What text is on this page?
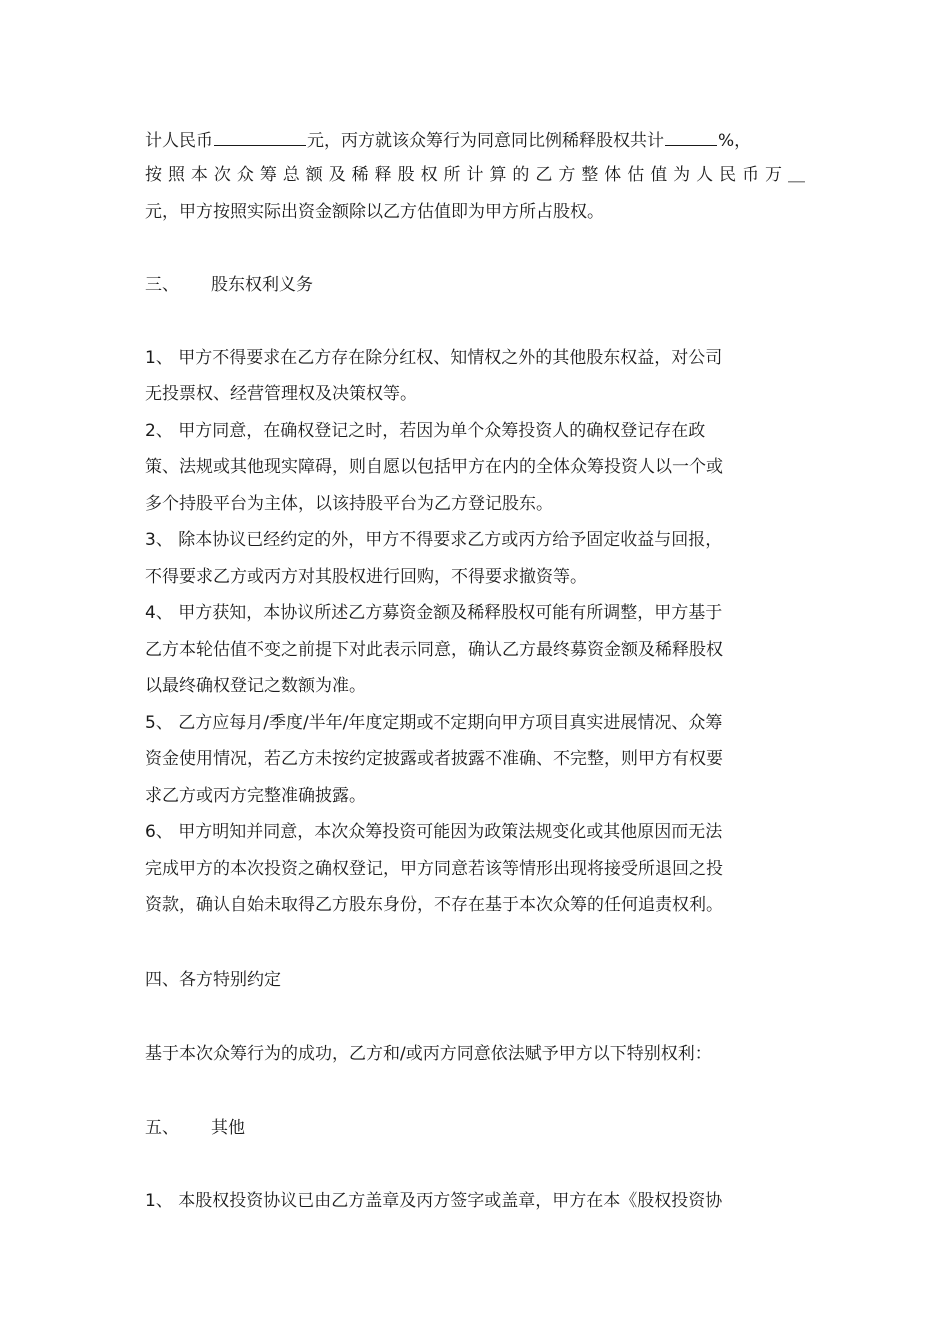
计人民币	元，丙方就该众筹行为同意同比例稀释股权共计	%，
按照本次众筹总额及稀释股权所计算的乙方整体估值为人民币万＿
元，甲方按照实际出资金额除以乙方估值即为甲方所占股权。
三、 股东权利义务
1、 甲方不得要求在乙方存在除分红权、知情权之外的其他股东权益，对公司
无投票权、经营管理权及决策权等。
2、 甲方同意，在确权登记之时，若因为单个众筹投资人的确权登记存在政
策、法规或其他现实障碍，则自愿以包括甲方在内的全体众筹投资人以一个或
多个持股平台为主体，以该持股平台为乙方登记股东。
3、 除本协议已经约定的外，甲方不得要求乙方或丙方给予固定收益与回报，
不得要求乙方或丙方对其股权进行回购，不得要求撤资等。
4、 甲方获知，本协议所述乙方募资金额及稀释股权可能有所调整，甲方基于
乙方本轮估值不变之前提下对此表示同意，确认乙方最终募资金额及稀释股权
以最终确权登记之数额为准。
5、 乙方应每月/季度/半年/年度定期或不定期向甲方项目真实进展情况、众筹
资金使用情况，若乙方未按约定披露或者披露不准确、不完整，则甲方有权要
求乙方或丙方完整准确披露。
6、 甲方明知并同意，本次众筹投资可能因为政策法规变化或其他原因而无法
完成甲方的本次投资之确权登记，甲方同意若该等情形出现将接受所退回之投
资款，确认自始未取得乙方股东身份，不存在基于本次众筹的任何追责权利。
四、各方特别约定
基于本次众筹行为的成功，乙方和/或丙方同意依法赋予甲方以下特别权利：
五、 其他
1、 本股权投资协议已由乙方盖章及丙方签字或盖章，甲方在本《股权投资协
